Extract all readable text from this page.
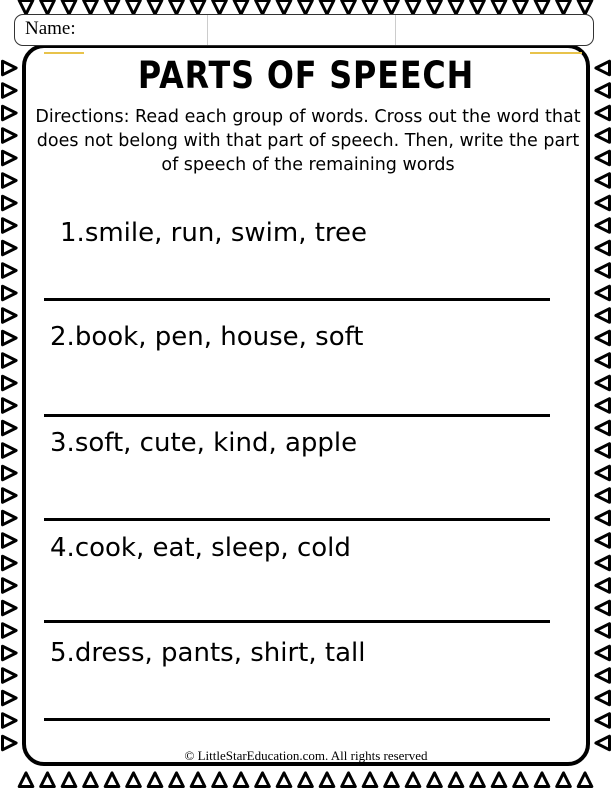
Name:
PARTS OF SPEECH
Directions: Read each group of words. Cross out the word that does not belong with that part of speech. Then, write the part of speech of the remaining words
1.smile, run, swim, tree
2.book, pen, house, soft
3.soft, cute, kind, apple
4.cook, eat, sleep, cold
5.dress, pants, shirt, tall
© LittleStarEducation.com. All rights reserved
